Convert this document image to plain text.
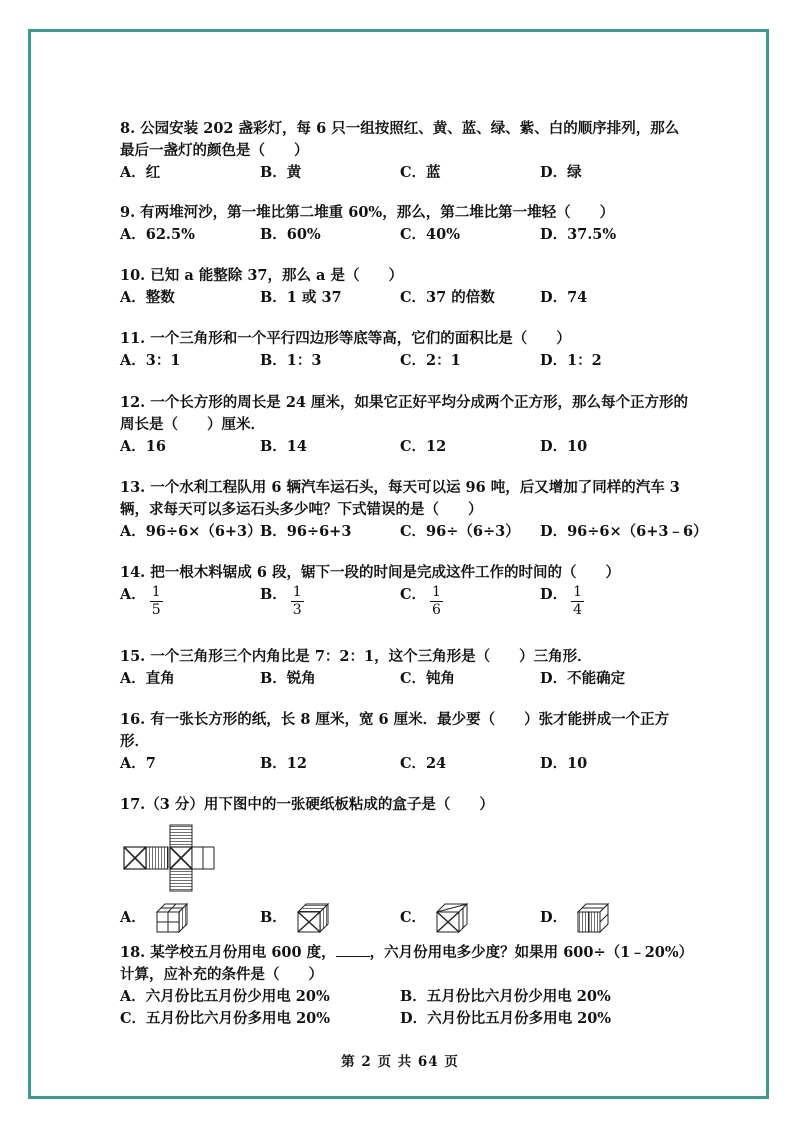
8. 公园安装 202 盏彩灯，每 6 只一组按照红、黄、蓝、绿、紫、白的顺序排列，那么最后一盏灯的颜色是（　　）
A．红	B．黄	C．蓝	D．绿
9. 有两堆河沙，第一堆比第二堆重 60%，那么，第二堆比第一堆轻（　　）
A．62.5%	B．60%	C．40%	D．37.5%
10. 已知 a 能整除 37，那么 a 是（　　）
A．整数	B．1 或 37	C．37 的倍数	D．74
11. 一个三角形和一个平行四边形等底等高，它们的面积比是（　　）
A．3：1	B．1：3	C．2：1	D．1：2
12. 一个长方形的周长是 24 厘米，如果它正好平均分成两个正方形，那么每个正方形的周长是（　　）厘米．
A．16	B．14	C．12	D．10
13. 一个水利工程队用 6 辆汽车运石头，每天可以运 96 吨，后又增加了同样的汽车 3 辆，求每天可以多运石头多少吨？下式错误的是（　　）
A．96÷6×（6+3）
B．96÷6+3	C．96÷（6÷3） D．96÷6×（6+3﹣6）
14. 把一根木料锯成 6 段，锯下一段的时间是完成这件工作的时间的（　　）
A． $\frac{1}{5}$	B． $\frac{1}{3}$	C． $\frac{1}{6}$	D． $\frac{1}{4}$
15. 一个三角形三个内角比是 7：2：1，这个三角形是（　　）三角形．
A．直角	B．锐角	C．钝角	D．不能确定
16. 有一张长方形的纸，长 8 厘米，宽 6 厘米．最少要（　　）张才能拼成一个正方形．
A．7	B．12	C．24	D．10
17.（3 分）用下图中的一张硬纸板粘成的盒子是（　　）
A．	B．	C．	D．
18. 某学校五月份用电 600 度， ，六月份用电多少度？如果用 600÷（1﹣20%）计算，应补充的条件是（　　）
A．六月份比五月份少用电 20%	B．五月份比六月份少用电 20%
C．五月份比六月份多用电 20%	D．六月份比五月份多用电 20%
第 2 页 共 64 页
